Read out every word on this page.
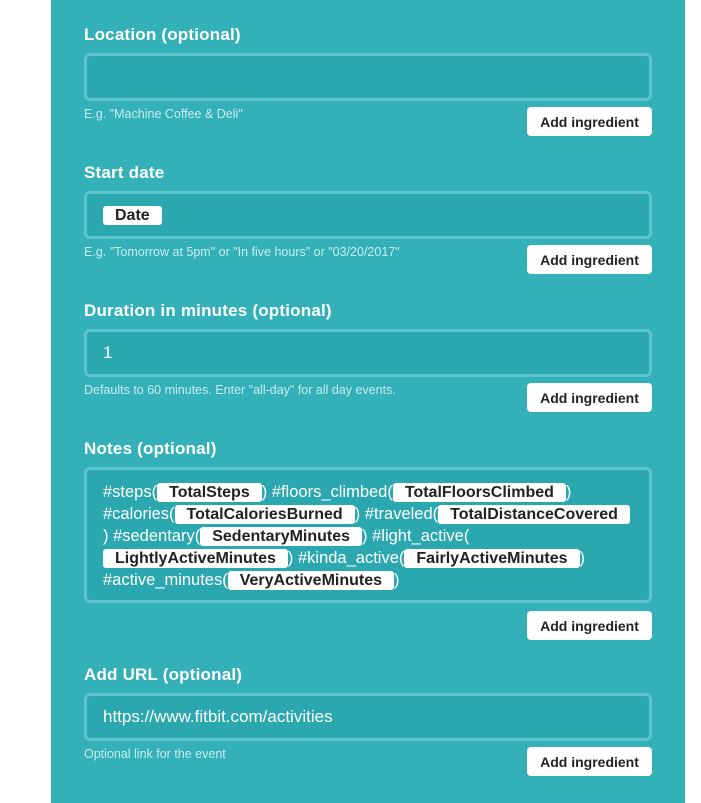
Location (optional)

E.g. "Machine Coffee & Deli"	Add ingredient

Start date

Date
E.g. "Tomorrow at 5pm" or "In five hours" or "03/20/2017"	Add ingredient

Duration in minutes (optional)

1
Defaults to 60 minutes. Enter "all-day" for all day events.	Add ingredient

Notes (optional)

#steps( TotalSteps ) #floors_climbed( TotalFloorsClimbed ) #calories( TotalCaloriesBurned ) #traveled( TotalDistanceCovered) #sedentary( SedentaryMinutes ) #light_active(LightlyActiveMinutes ) #kinda_active( FairlyActiveMinutes ) #active_minutes( VeryActiveMinutes )
Add ingredient

Add URL (optional)

https://www.fitbit.com/activities
Optional link for the event	Add ingredient
